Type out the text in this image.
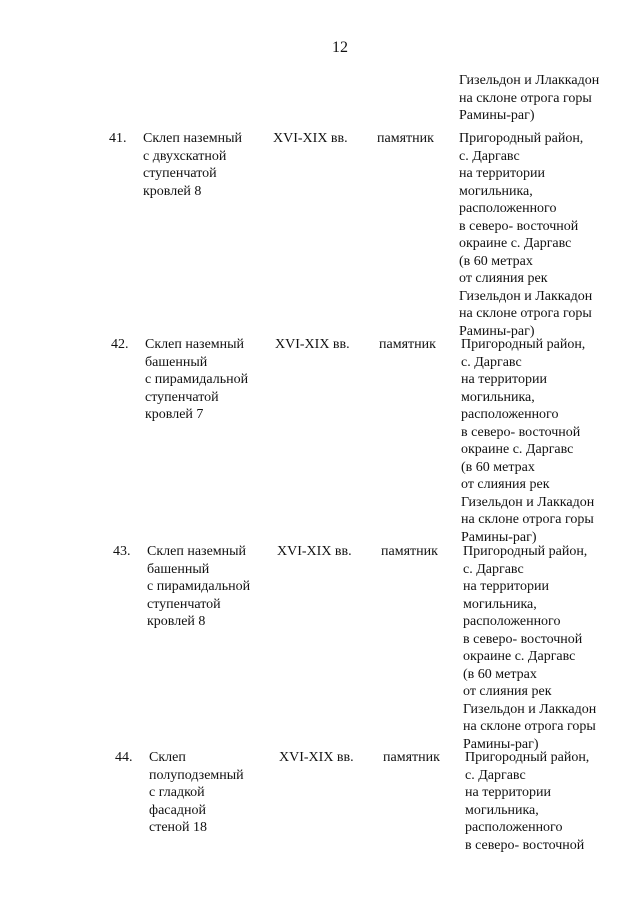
12
Гизельдон и Ллаккадон
на склоне отрога горы
Рамины-раг)
41. Склеп наземный
с двухскатной
ступенчатой
кровлей 8
XVI-XIX вв. памятник Пригородный район,
с. Даргавс
на территории
могильника,
расположенного
в северо- восточной
окраине с. Даргавс
(в 60 метрах
от слияния рек
Гизельдон и Лаккадон
на склоне отрога горы
Рамины-раг)
42. Склеп наземный
башенный
с пирамидальной
ступенчатой
кровлей 7
XVI-XIX вв. памятник Пригородный район,
с. Даргавс
на территории
могильника,
расположенного
в северо- восточной
окраине с. Даргавс
(в 60 метрах
от слияния рек
Гизельдон и Лаккадон
на склоне отрога горы
Рамины-раг)
43. Склеп наземный
башенный
с пирамидальной
ступенчатой
кровлей 8
XVI-XIX вв. памятник Пригородный район,
с. Даргавс
на территории
могильника,
расположенного
в северо- восточной
окраине с. Даргавс
(в 60 метрах
от слияния рек
Гизельдон и Лаккадон
на склоне отрога горы
Рамины-раг)
44. Склеп
полуподземный
с гладкой
фасадной
стеной 18
XVI-XIX вв. памятник Пригородный район,
с. Даргавс
на территории
могильника,
расположенного
в северо- восточной
